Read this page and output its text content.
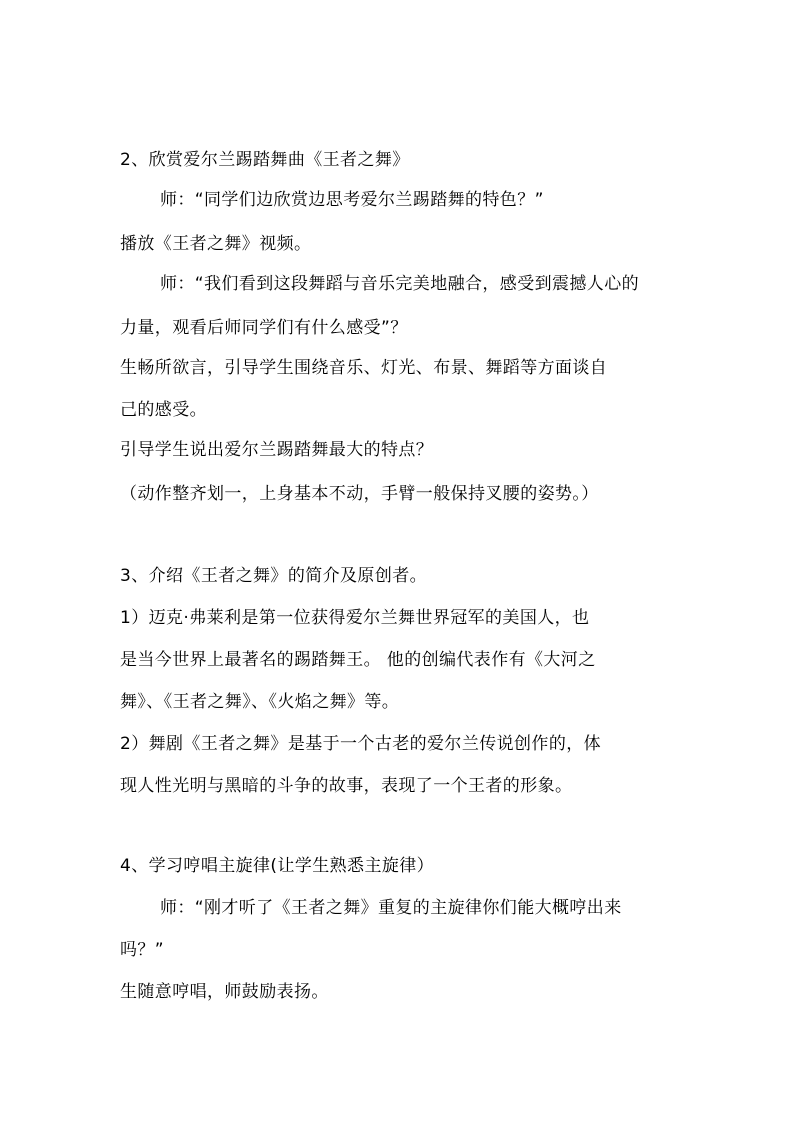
2、欣赏爱尔兰踢踏舞曲《王者之舞》
师：“同学们边欣赏边思考爱尔兰踢踏舞的特色？”
播放《王者之舞》视频。
师：“我们看到这段舞蹈与音乐完美地融合，感受到震撼人心的
力量，观看后师同学们有什么感受”？
生畅所欲言，引导学生围绕音乐、灯光、布景、舞蹈等方面谈自
己的感受。
引导学生说出爱尔兰踢踏舞最大的特点？
（动作整齐划一，上身基本不动，手臂一般保持叉腰的姿势。）
3、介绍《王者之舞》的简介及原创者。
1）迈克·弗莱利是第一位获得爱尔兰舞世界冠军的美国人，也
是当今世界上最著名的踢踏舞王。 他的创编代表作有《大河之
舞》、《王者之舞》、《火焰之舞》等。
2）舞剧《王者之舞》是基于一个古老的爱尔兰传说创作的，体
现人性光明与黑暗的斗争的故事，表现了一个王者的形象。
4、学习哼唱主旋律(让学生熟悉主旋律）
师：“刚才听了《王者之舞》重复的主旋律你们能大概哼出来
吗？”
生随意哼唱，师鼓励表扬。
